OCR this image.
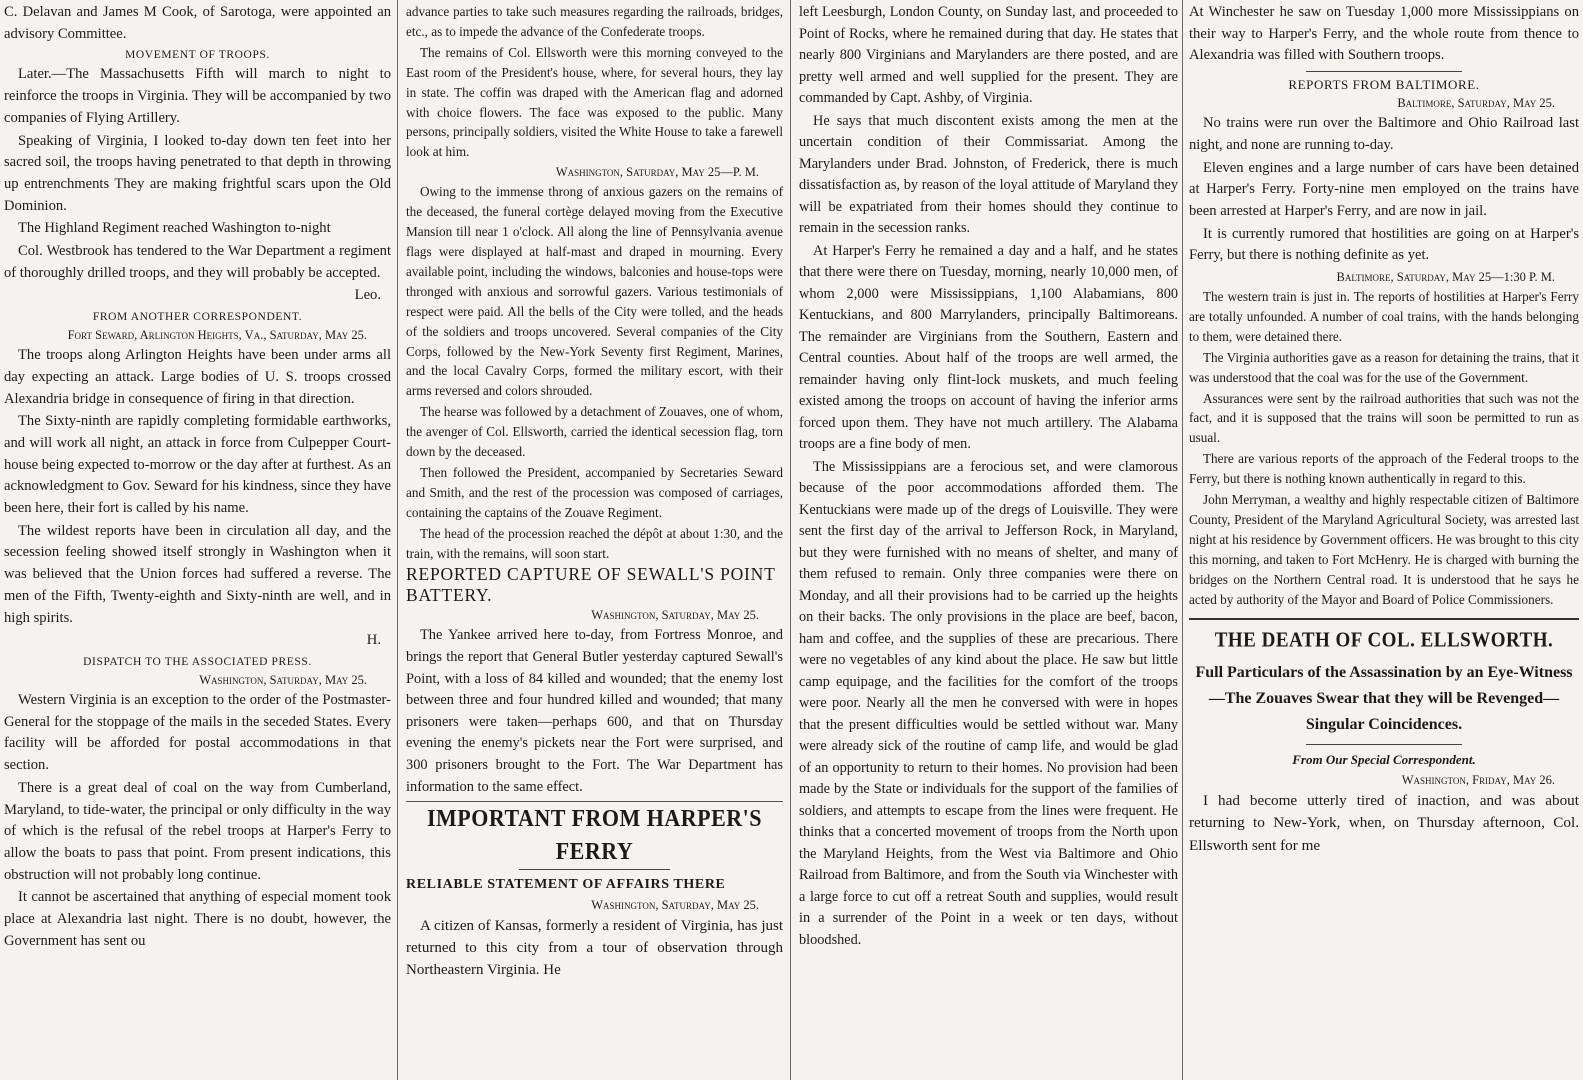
C. Delavan and James M Cook, of Sarotoga, were appointed an advisory Committee.

MOVEMENT OF TROOPS.

Later.—The Massachusetts Fifth will march to night to reinforce the troops in Virginia. They will be accompanied by two companies of Flying Artillery.

Speaking of Virginia, I looked to-day down ten feet into her sacred soil, the troops having penetrated to that depth in throwing up entrenchments They are making frightful scars upon the Old Dominion.

The Highland Regiment reached Washington to-night

Col. Westbrook has tendered to the War Department a regiment of thoroughly drilled troops, and they will probably be accepted.

Leo.

FROM ANOTHER CORRESPONDENT.
Fort Seward, Arlington Heights, Va., Saturday, May 25.

The troops along Arlington Heights have been under arms all day expecting an attack. Large bodies of U. S. troops crossed Alexandria bridge in consequence of firing in that direction.

The Sixty-ninth are rapidly completing formidable earthworks, and will work all night, an attack in force from Culpepper Court-house being expected to-morrow or the day after at furthest. As an acknowledgment to Gov. Seward for his kindness, since they have been here, their fort is called by his name.

The wildest reports have been in circulation all day, and the secession feeling showed itself strongly in Washington when it was believed that the Union forces had suffered a reverse. The men of the Fifth, Twenty-eighth and Sixty-ninth are well, and in high spirits.

H.

DISPATCH TO THE ASSOCIATED PRESS.
Washington, Saturday, May 25.

Western Virginia is an exception to the order of the Postmaster-General for the stoppage of the mails in the seceded States. Every facility will be afforded for postal accommodations in that section.

There is a great deal of coal on the way from Cumberland, Maryland, to tide-water, the principal or only difficulty in the way of which is the refusal of the rebel troops at Harper's Ferry to allow the boats to pass that point. From present indications, this obstruction will not probably long continue.

It cannot be ascertained that anything of especial moment took place at Alexandria last night. There is no doubt, however, the Government has sent ou

advance parties to take such measures regarding the railroads, bridges, etc., as to impede the advance of the Confederate troops.

The remains of Col. Ellsworth were this morning conveyed to the East room of the President's house, where, for several hours, they lay in state. The coffin was draped with the American flag and adorned with choice flowers. The face was exposed to the public. Many persons, principally soldiers, visited the White House to take a farewell look at him.

Washington, Saturday, May 25—P. M.

Owing to the immense throng of anxious gazers on the remains of the deceased, the funeral cortège delayed moving from the Executive Mansion till near 1 o'clock. All along the line of Pennsylvania avenue flags were displayed at half-mast and draped in mourning. Every available point, including the windows, balconies and house-tops were thronged with anxious and sorrowful gazers. Various testimonials of respect were paid. All the bells of the City were tolled, and the heads of the soldiers and troops uncovered. Several companies of the City Corps, followed by the New-York Seventy first Regiment, Marines, and the local Cavalry Corps, formed the military escort, with their arms reversed and colors shrouded.

The hearse was followed by a detachment of Zouaves, one of whom, the avenger of Col. Ellsworth, carried the identical secession flag, torn down by the deceased.

Then followed the President, accompanied by Secretaries Seward and Smith, and the rest of the procession was composed of carriages, containing the captains of the Zouave Regiment.

The head of the procession reached the dépôt at about 1:30, and the train, with the remains, will soon start.

REPORTED CAPTURE OF SEWALL'S POINT BATTERY.
Washington, Saturday, May 25.

The Yankee arrived here to-day, from Fortress Monroe, and brings the report that General Butler yesterday captured Sewall's Point, with a loss of 84 killed and wounded; that the enemy lost between three and four hundred killed and wounded; that many prisoners were taken—perhaps 600, and that on Thursday evening the enemy's pickets near the Fort were surprised, and 300 prisoners brought to the Fort. The War Department has information to the same effect.

IMPORTANT FROM HARPER'S FERRY
RELIABLE STATEMENT OF AFFAIRS THERE
Washington, Saturday, May 25.

A citizen of Kansas, formerly a resident of Virginia, has just returned to this city from a tour of observation through Northeastern Virginia. He

left Leesburgh, London County, on Sunday last, and proceeded to Point of Rocks, where he remained during that day. He states that nearly 800 Virginians and Marylanders are there posted, and are pretty well armed and well supplied for the present. They are commanded by Capt. Ashby, of Virginia.

He says that much discontent exists among the men at the uncertain condition of their Commissariat. Among the Marylanders under Brad. Johnston, of Frederick, there is much dissatisfaction as, by reason of the loyal attitude of Maryland they will be expatriated from their homes should they continue to remain in the secession ranks.

At Harper's Ferry he remained a day and a half, and he states that there were there on Tuesday, morning, nearly 10,000 men, of whom 2,000 were Mississippians, 1,100 Alabamians, 800 Kentuckians, and 800 Marrylanders, principally Baltimoreans. The remainder are Virginians from the Southern, Eastern and Central counties. About half of the troops are well armed, the remainder having only flint-lock muskets, and much feeling existed among the troops on account of having the inferior arms forced upon them. They have not much artillery. The Alabama troops are a fine body of men.

The Mississippians are a ferocious set, and were clamorous because of the poor accommodations afforded them. The Kentuckians were made up of the dregs of Louisville. They were sent the first day of the arrival to Jefferson Rock, in Maryland, but they were furnished with no means of shelter, and many of them refused to remain. Only three companies were there on Monday, and all their provisions had to be carried up the heights on their backs. The only provisions in the place are beef, bacon, ham and coffee, and the supplies of these are precarious. There were no vegetables of any kind about the place. He saw but little camp equipage, and the facilities for the comfort of the troops were poor. Nearly all the men he conversed with were in hopes that the present difficulties would be settled without war. Many were already sick of the routine of camp life, and would be glad of an opportunity to return to their homes. No provision had been made by the State or individuals for the support of the families of soldiers, and attempts to escape from the lines were frequent. He thinks that a concerted movement of troops from the North upon the Maryland Heights, from the West via Baltimore and Ohio Railroad from Baltimore, and from the South via Winchester with a large force to cut off a retreat South and supplies, would result in a surrender of the Point in a week or ten days, without bloodshed.

At Winchester he saw on Tuesday 1,000 more Mississippians on their way to Harper's Ferry, and the whole route from thence to Alexandria was filled with Southern troops.

REPORTS FROM BALTIMORE.
Baltimore, Saturday, May 25.

No trains were run over the Baltimore and Ohio Railroad last night, and none are running to-day.

Eleven engines and a large number of cars have been detained at Harper's Ferry. Forty-nine men employed on the trains have been arrested at Harper's Ferry, and are now in jail.

It is currently rumored that hostilities are going on at Harper's Ferry, but there is nothing definite as yet.

Baltimore, Saturday, May 25—1:30 P. M.

The western train is just in. The reports of hostilities at Harper's Ferry are totally unfounded. A number of coal trains, with the hands belonging to them, were detained there.

The Virginia authorities gave as a reason for detaining the trains, that it was understood that the coal was for the use of the Government.

Assurances were sent by the railroad authorities that such was not the fact, and it is supposed that the trains will soon be permitted to run as usual.

There are various reports of the approach of the Federal troops to the Ferry, but there is nothing known authentically in regard to this.

John Merryman, a wealthy and highly respectable citizen of Baltimore County, President of the Maryland Agricultural Society, was arrested last night at his residence by Government officers. He was brought to this city this morning, and taken to Fort McHenry. He is charged with burning the bridges on the Northern Central road. It is understood that he says he acted by authority of the Mayor and Board of Police Commissioners.

THE DEATH OF COL. ELLSWORTH.
Full Particulars of the Assassination by an Eye-Witness—The Zouaves Swear that they will be Revenged—Singular Coincidences.
From Our Special Correspondent.
Washington, Friday, May 26.

I had become utterly tired of inaction, and was about returning to New-York, when, on Thursday afternoon, Col. Ellsworth sent for me
